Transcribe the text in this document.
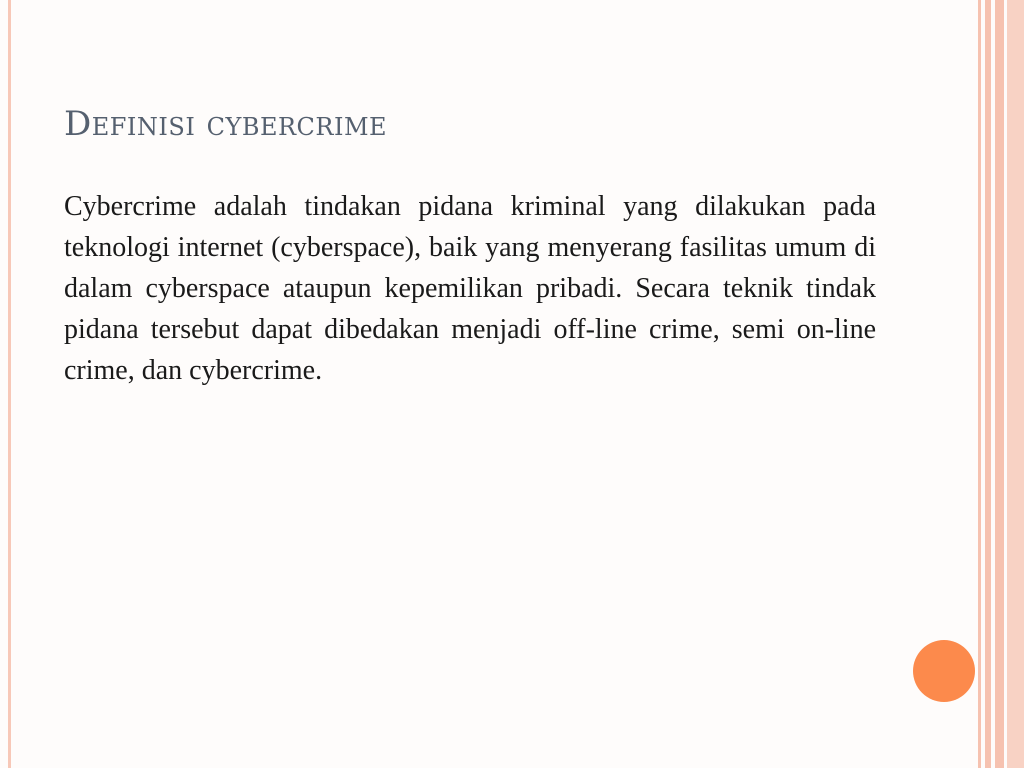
Definisi cybercrime

Cybercrime adalah tindakan pidana kriminal yang dilakukan pada teknologi internet (cyberspace), baik yang menyerang fasilitas umum di dalam cyberspace ataupun kepemilikan pribadi. Secara teknik tindak pidana tersebut dapat dibedakan menjadi off-line crime, semi on-line crime, dan cybercrime.
